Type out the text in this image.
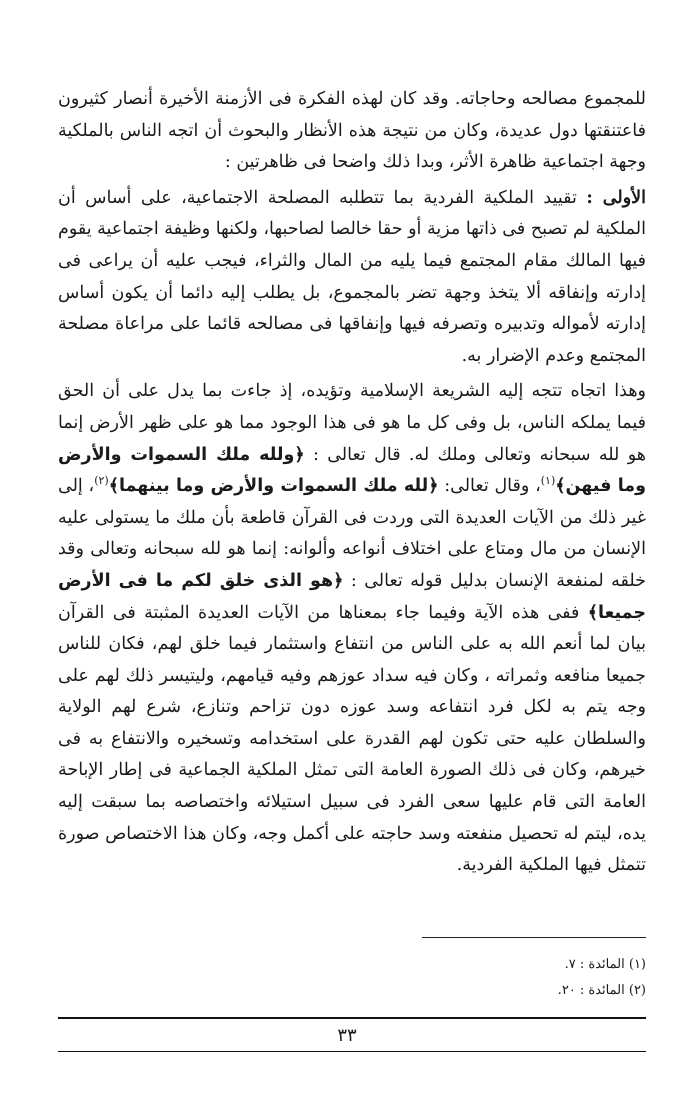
للمجموع مصالحه وحاجاته. وقد كان لهذه الفكرة فى الأزمنة الأخيرة أنصار كثيرون فاعتنقتها دول عديدة، وكان من نتيجة هذه الأنظار والبحوث أن اتجه الناس بالملكية وجهة اجتماعية ظاهرة الأثر، وبدا ذلك واضحا فى ظاهرتين :

الأولى : تقييد الملكية الفردية بما تتطلبه المصلحة الاجتماعية، على أساس أن الملكية لم تصبح فى ذاتها مزية أو حقا خالصا لصاحبها، ولكنها وظيفة اجتماعية يقوم فيها المالك مقام المجتمع فيما يليه من المال والثراء، فيجب عليه أن يراعى فى إدارته وإنفاقه ألا يتخذ وجهة تضر بالمجموع، بل يطلب إليه دائما أن يكون أساس إدارته لأمواله وتدبيره وتصرفه فيها وإنفاقها فى مصالحه قائما على مراعاة مصلحة المجتمع وعدم الإضرار به.

وهذا اتجاه تتجه إليه الشريعة الإسلامية وتؤيده، إذ جاءت بما يدل على أن الحق فيما يملكه الناس، بل وفى كل ما هو فى هذا الوجود مما هو على ظهر الأرض إنما هو لله سبحانه وتعالى وملك له. قال تعالى : ﴿ولله ملك السموات والأرض وما فيهن﴾$^{(١)}$، وقال تعالى: ﴿لله ملك السموات والأرض وما بينهما﴾$^{(٢)}$، إلى غير ذلك من الآيات العديدة التى وردت فى القرآن قاطعة بأن ملك ما يستولى عليه الإنسان من مال ومتاع على اختلاف أنواعه وألوانه: إنما هو لله سبحانه وتعالى وقد خلقه لمنفعة الإنسان بدليل قوله تعالى : ﴿هو الذى خلق لكم ما فى الأرض جميعا﴾ ففى هذه الآية وفيما جاء بمعناها من الآيات العديدة المثبتة فى القرآن بيان لما أنعم الله به على الناس من انتفاع واستثمار فيما خلق لهم، فكان للناس جميعا منافعه وثمراته ، وكان فيه سداد عوزهم وفيه قيامهم، وليتيسر ذلك لهم على وجه يتم به لكل فرد انتفاعه وسد عوزه دون تزاحم وتنازع، شرع لهم الولاية والسلطان عليه حتى تكون لهم القدرة على استخدامه وتسخيره والانتفاع به فى خيرهم، وكان فى ذلك الصورة العامة التى تمثل الملكية الجماعية فى إطار الإباحة العامة التى قام عليها سعى الفرد فى سبيل استيلائه واختصاصه بما سبقت إليه يده، ليتم له تحصيل منفعته وسد حاجته على أكمل وجه، وكان هذا الاختصاص صورة تتمثل فيها الملكية الفردية.

(١) المائدة : ٧.

(٢) المائدة : ٢٠.

٣٣
